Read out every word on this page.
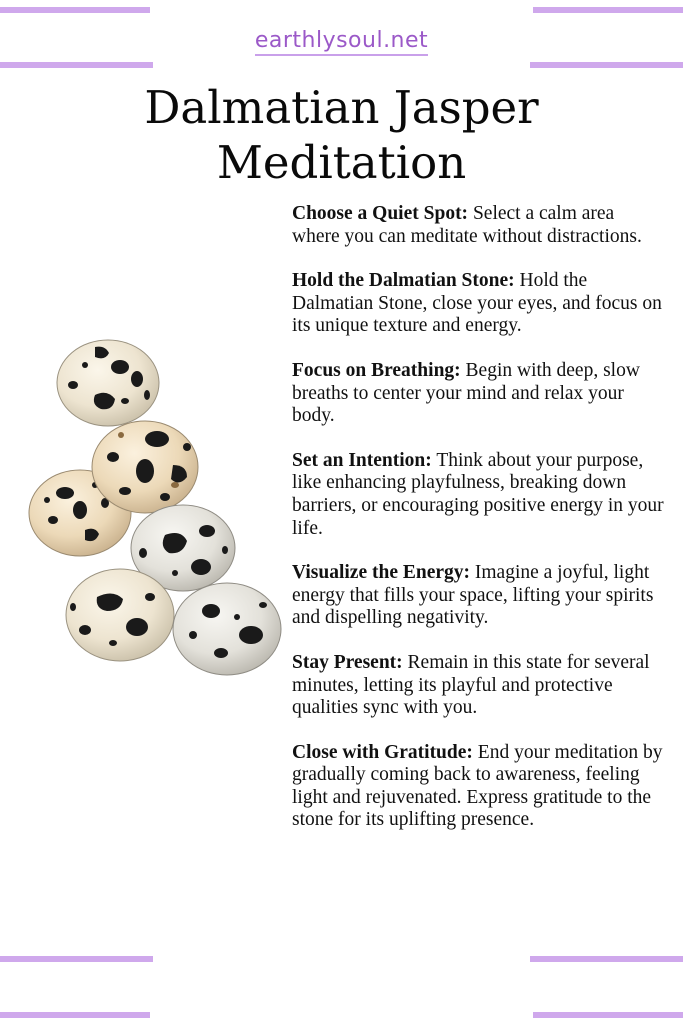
earthlysoul.net
Dalmatian Jasper
Meditation

Choose a Quiet Spot: Select a calm area where you can meditate without distractions.

Hold the Dalmatian Stone: Hold the Dalmatian Stone, close your eyes, and focus on its unique texture and energy.

Focus on Breathing: Begin with deep, slow breaths to center your mind and relax your body.

Set an Intention: Think about your purpose, like enhancing playfulness, breaking down barriers, or encouraging positive energy in your life.

Visualize the Energy: Imagine a joyful, light energy that fills your space, lifting your spirits and dispelling negativity.

Stay Present: Remain in this state for several minutes, letting its playful and protective qualities sync with you.

Close with Gratitude: End your meditation by gradually coming back to awareness, feeling light and rejuvenated. Express gratitude to the stone for its uplifting presence.
